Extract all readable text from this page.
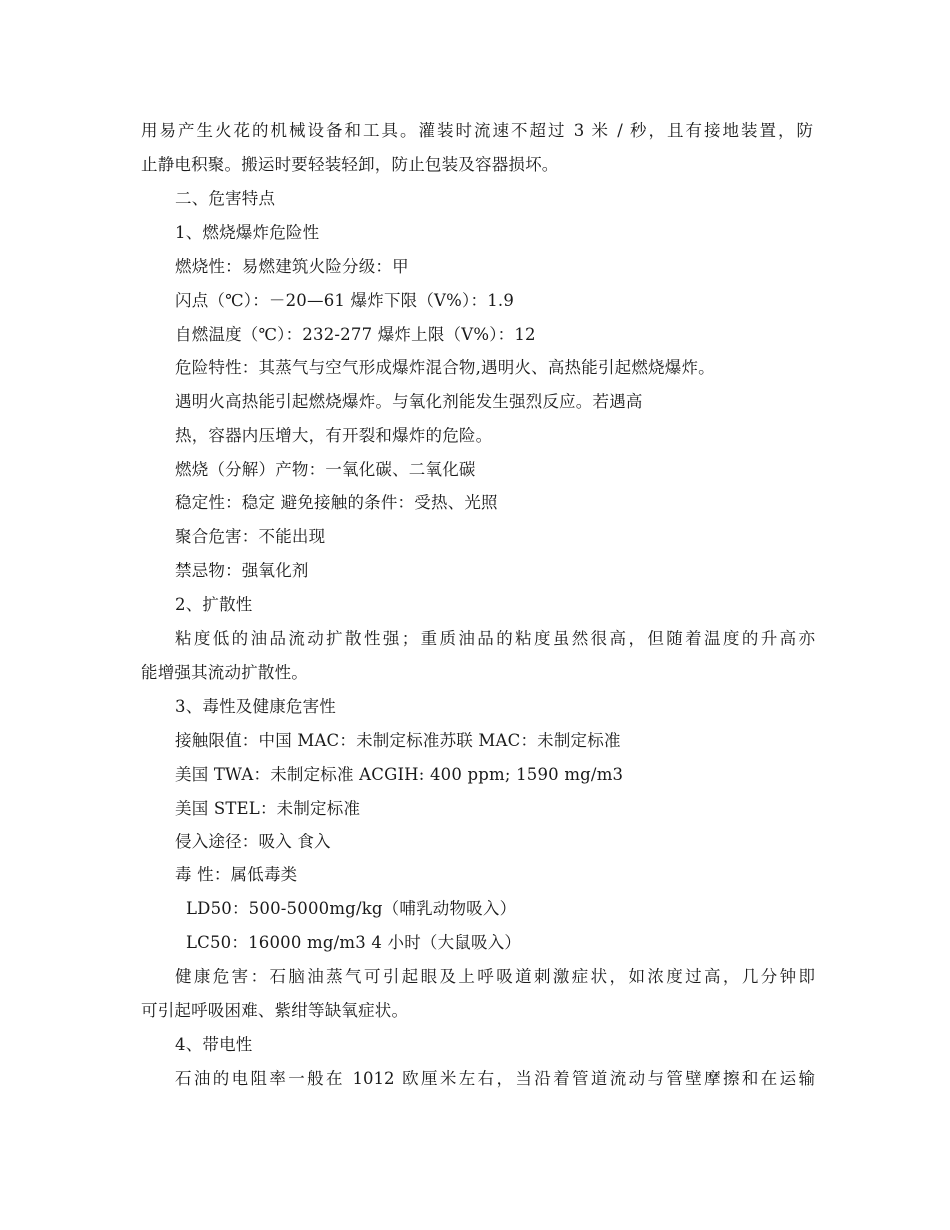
用易产生火花的机械设备和工具。灌装时流速不超过 3 米 / 秒，且有接地装置，防
止静电积聚。搬运时要轻装轻卸，防止包装及容器损坏。
二、危害特点
1、燃烧爆炸危险性
燃烧性：易燃建筑火险分级：甲
闪点（℃）：－20—61 爆炸下限（V%）：1.9
自燃温度（℃）：232-277 爆炸上限（V%）：12
危险特性：其蒸气与空气形成爆炸混合物,遇明火、高热能引起燃烧爆炸。
遇明火高热能引起燃烧爆炸。与氧化剂能发生强烈反应。若遇高
热，容器内压增大，有开裂和爆炸的危险。
燃烧（分解）产物：一氧化碳、二氧化碳
稳定性：稳定 避免接触的条件：受热、光照
聚合危害：不能出现
禁忌物：强氧化剂
2、扩散性
粘度低的油品流动扩散性强；重质油品的粘度虽然很高，但随着温度的升高亦
能增强其流动扩散性。
3、毒性及健康危害性
接触限值：中国 MAC：未制定标准苏联 MAC：未制定标准
美国 TWA：未制定标准 ACGIH: 400 ppm; 1590 mg/m3
美国 STEL：未制定标准
侵入途径：吸入 食入
毒 性：属低毒类
LD50：500-5000mg/kg（哺乳动物吸入）
LC50：16000 mg/m3 4 小时（大鼠吸入）
健康危害：石脑油蒸气可引起眼及上呼吸道刺激症状，如浓度过高，几分钟即
可引起呼吸困难、紫绀等缺氧症状。
4、带电性
石油的电阻率一般在 1012 欧厘米左右，当沿着管道流动与管壁摩擦和在运输
